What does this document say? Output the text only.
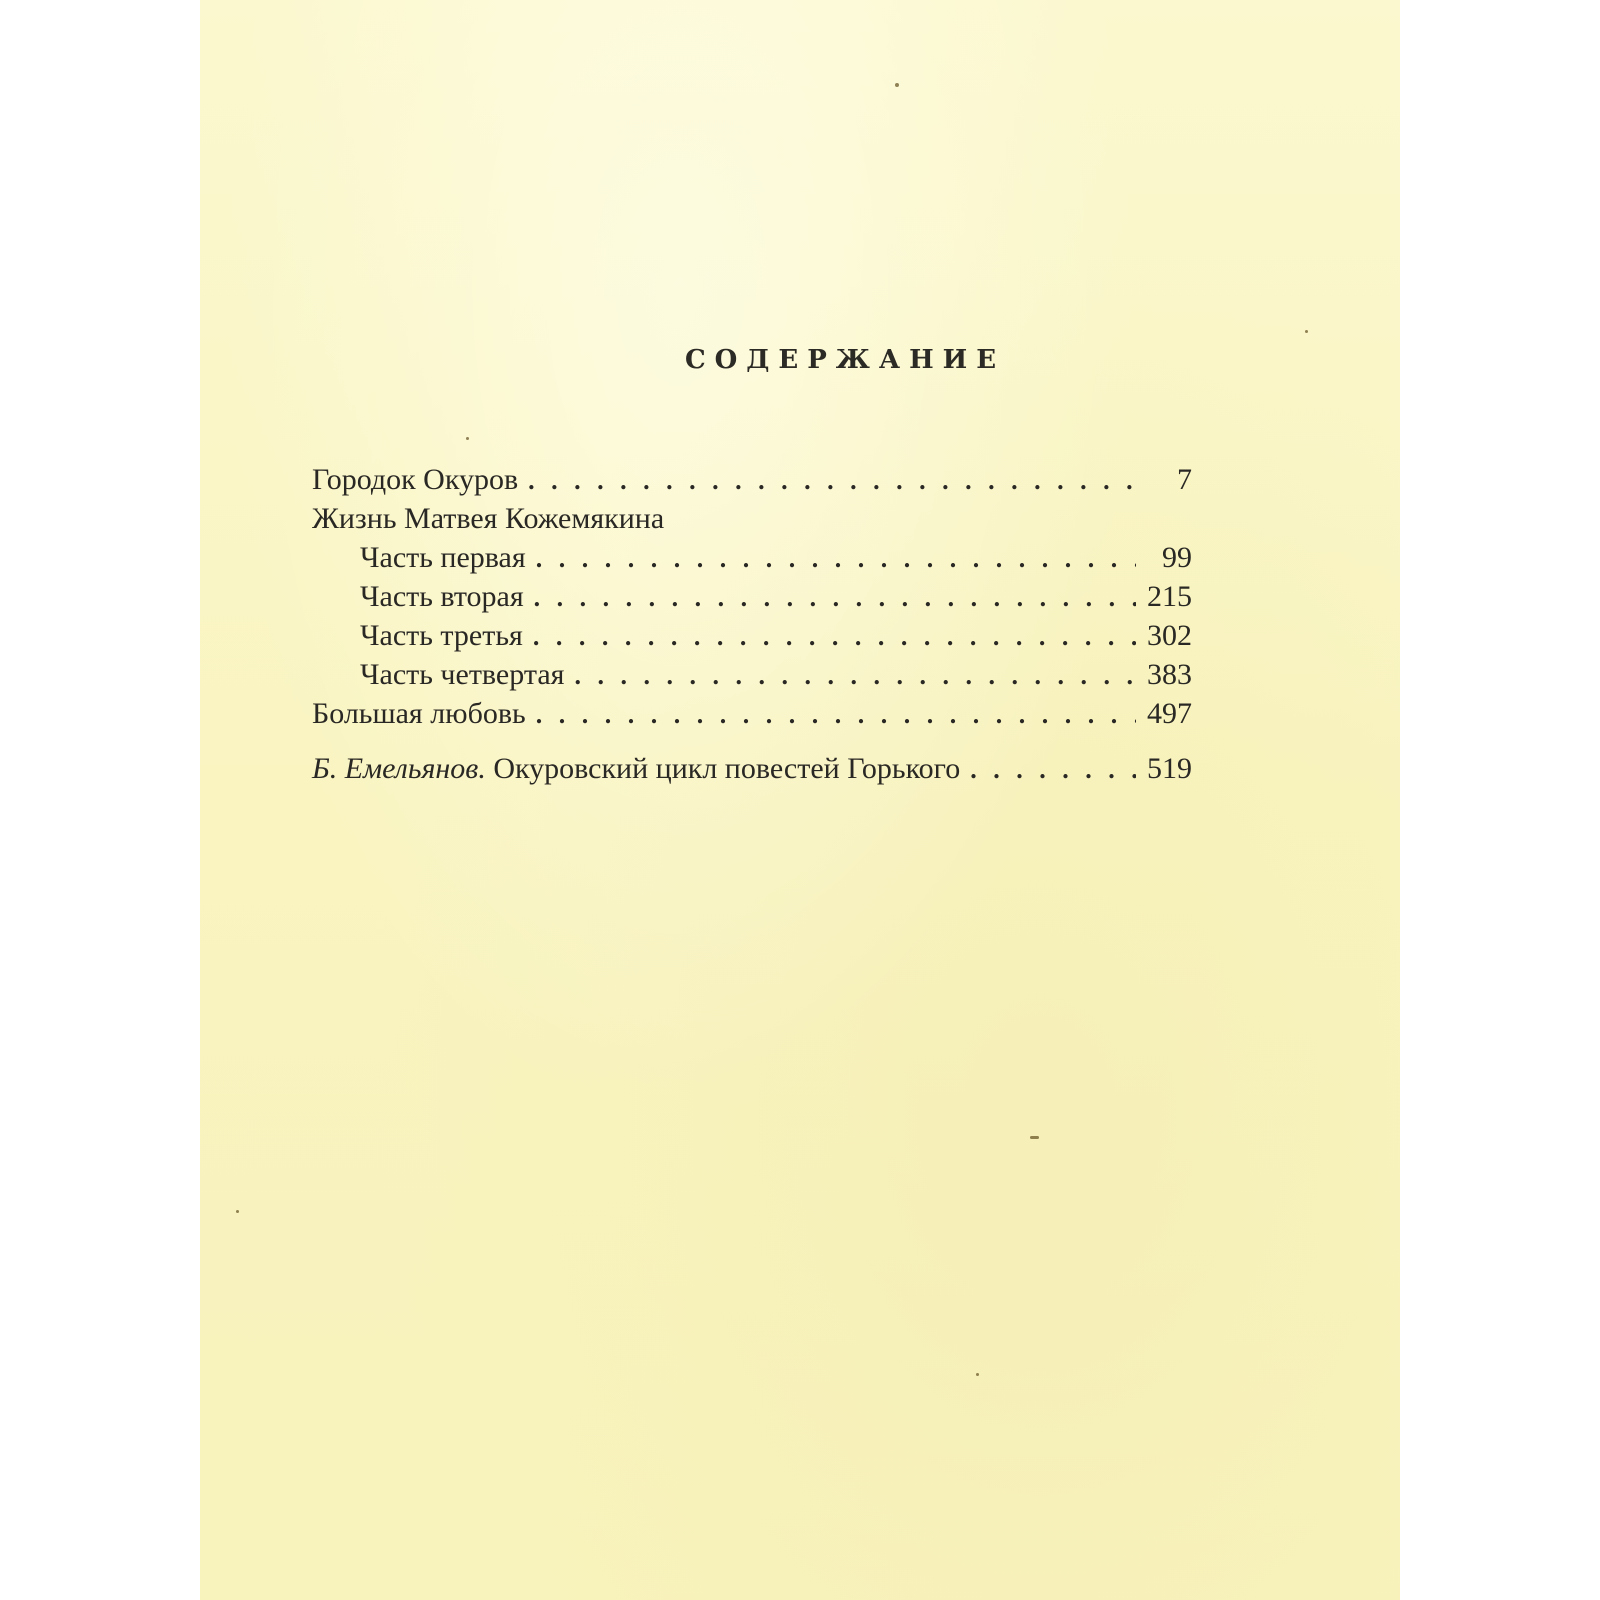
СОДЕРЖАНИЕ
Городок Окуров . . .	7
Жизнь Матвея Кожемякина
Часть первая . . .	99
Часть вторая . . .	215
Часть третья . . .	302
Часть четвертая . . .	383
Большая любовь . . .	497
Б. Емельянов. Окуровский цикл повестей Горького . . .	519
